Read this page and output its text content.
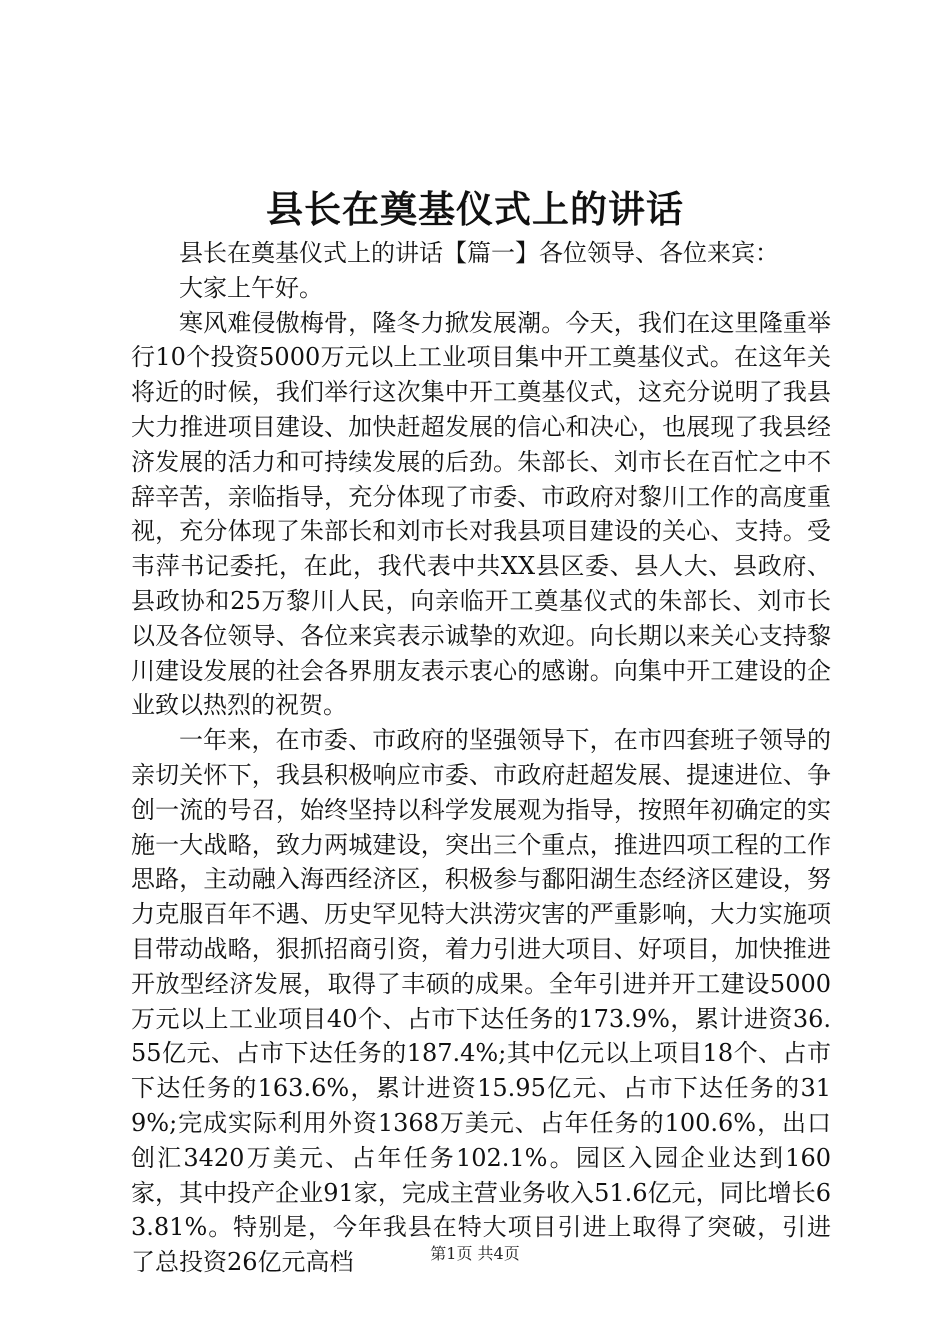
县长在奠基仪式上的讲话

县长在奠基仪式上的讲话【篇一】各位领导、各位来宾：

大家上午好。

寒风难侵傲梅骨，隆冬力掀发展潮。今天，我们在这里隆重举行10个投资5000万元以上工业项目集中开工奠基仪式。在这年关将近的时候，我们举行这次集中开工奠基仪式，这充分说明了我县大力推进项目建设、加快赶超发展的信心和决心，也展现了我县经济发展的活力和可持续发展的后劲。朱部长、刘市长在百忙之中不辞辛苦，亲临指导，充分体现了市委、市政府对黎川工作的高度重视，充分体现了朱部长和刘市长对我县项目建设的关心、支持。受韦萍书记委托，在此，我代表中共XX县区委、县人大、县政府、县政协和25万黎川人民，向亲临开工奠基仪式的朱部长、刘市长以及各位领导、各位来宾表示诚挚的欢迎。向长期以来关心支持黎川建设发展的社会各界朋友表示衷心的感谢。向集中开工建设的企业致以热烈的祝贺。

一年来，在市委、市政府的坚强领导下，在市四套班子领导的亲切关怀下，我县积极响应市委、市政府赶超发展、提速进位、争创一流的号召，始终坚持以科学发展观为指导，按照年初确定的实施一大战略，致力两城建设，突出三个重点，推进四项工程的工作思路，主动融入海西经济区，积极参与鄱阳湖生态经济区建设，努力克服百年不遇、历史罕见特大洪涝灾害的严重影响，大力实施项目带动战略，狠抓招商引资，着力引进大项目、好项目，加快推进开放型经济发展，取得了丰硕的成果。全年引进并开工建设5000万元以上工业项目40个、占市下达任务的173.9%，累计进资36.55亿元、占市下达任务的187.4%;其中亿元以上项目18个、占市下达任务的163.6%，累计进资15.95亿元、占市下达任务的319%;完成实际利用外资1368万美元、占年任务的100.6%，出口创汇3420万美元、占年任务102.1%。园区入园企业达到160家，其中投产企业91家，完成主营业务收入51.6亿元，同比增长63.81%。特别是，今年我县在特大项目引进上取得了突破，引进了总投资26亿元高档	第1页 共4页
